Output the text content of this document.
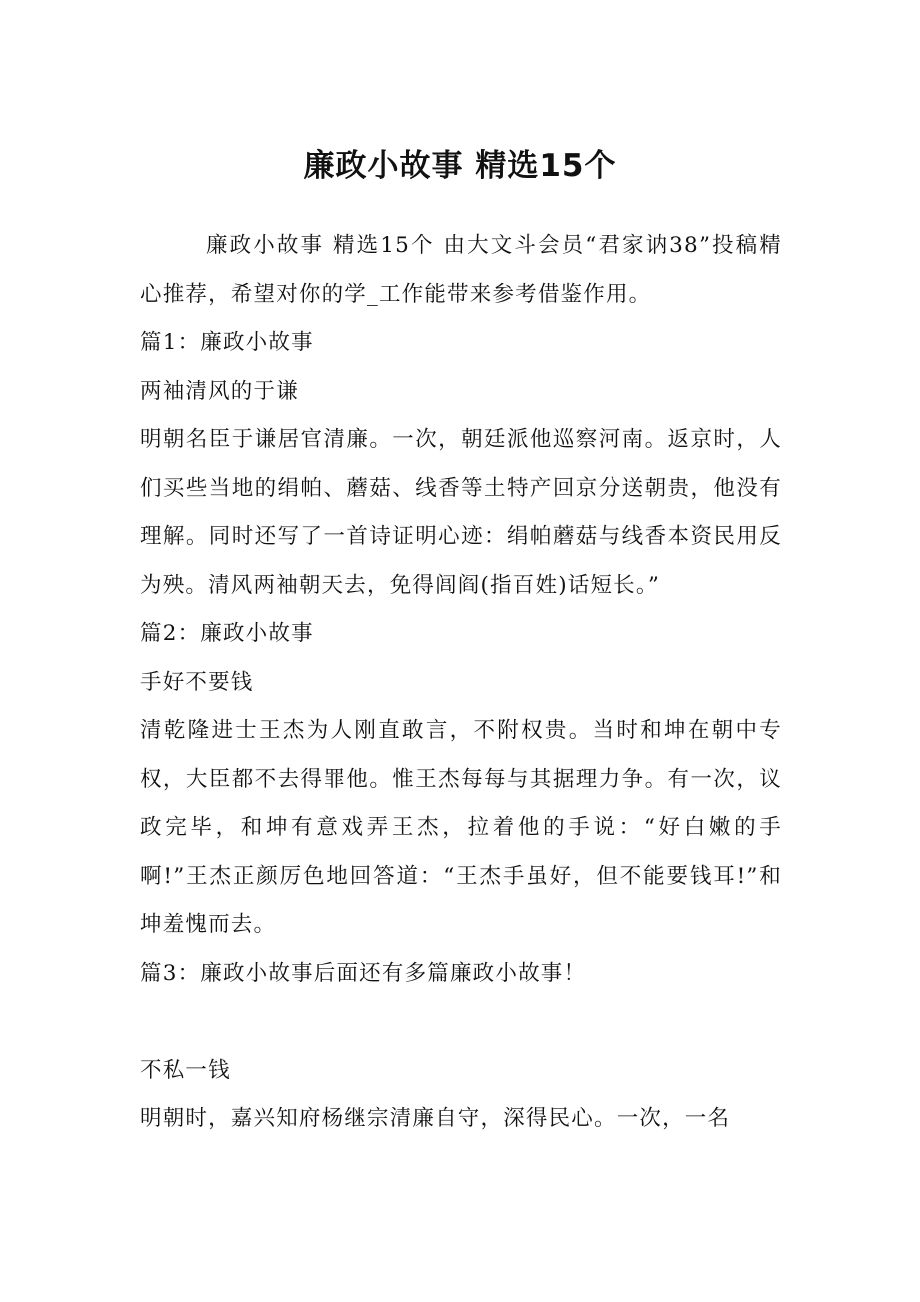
廉政小故事 精选15个

廉政小故事 精选15个 由大文斗会员“君家讷38”投稿精心推荐，希望对你的学_工作能带来参考借鉴作用。

篇1：廉政小故事

两袖清风的于谦

明朝名臣于谦居官清廉。一次，朝廷派他巡察河南。返京时，人们买些当地的绢帕、蘑菇、线香等土特产回京分送朝贵，他没有理解。同时还写了一首诗证明心迹：绢帕蘑菇与线香本资民用反为殃。清风两袖朝天去，免得闾阎(指百姓)话短长。”

篇2：廉政小故事

手好不要钱

清乾隆进士王杰为人刚直敢言，不附权贵。当时和坤在朝中专权，大臣都不去得罪他。惟王杰每每与其据理力争。有一次，议政完毕，和坤有意戏弄王杰，拉着他的手说：“好白嫩的手啊!”王杰正颜厉色地回答道：“王杰手虽好，但不能要钱耳!”和坤羞愧而去。

篇3：廉政小故事后面还有多篇廉政小故事！

不私一钱

明朝时，嘉兴知府杨继宗清廉自守，深得民心。一次，一名
